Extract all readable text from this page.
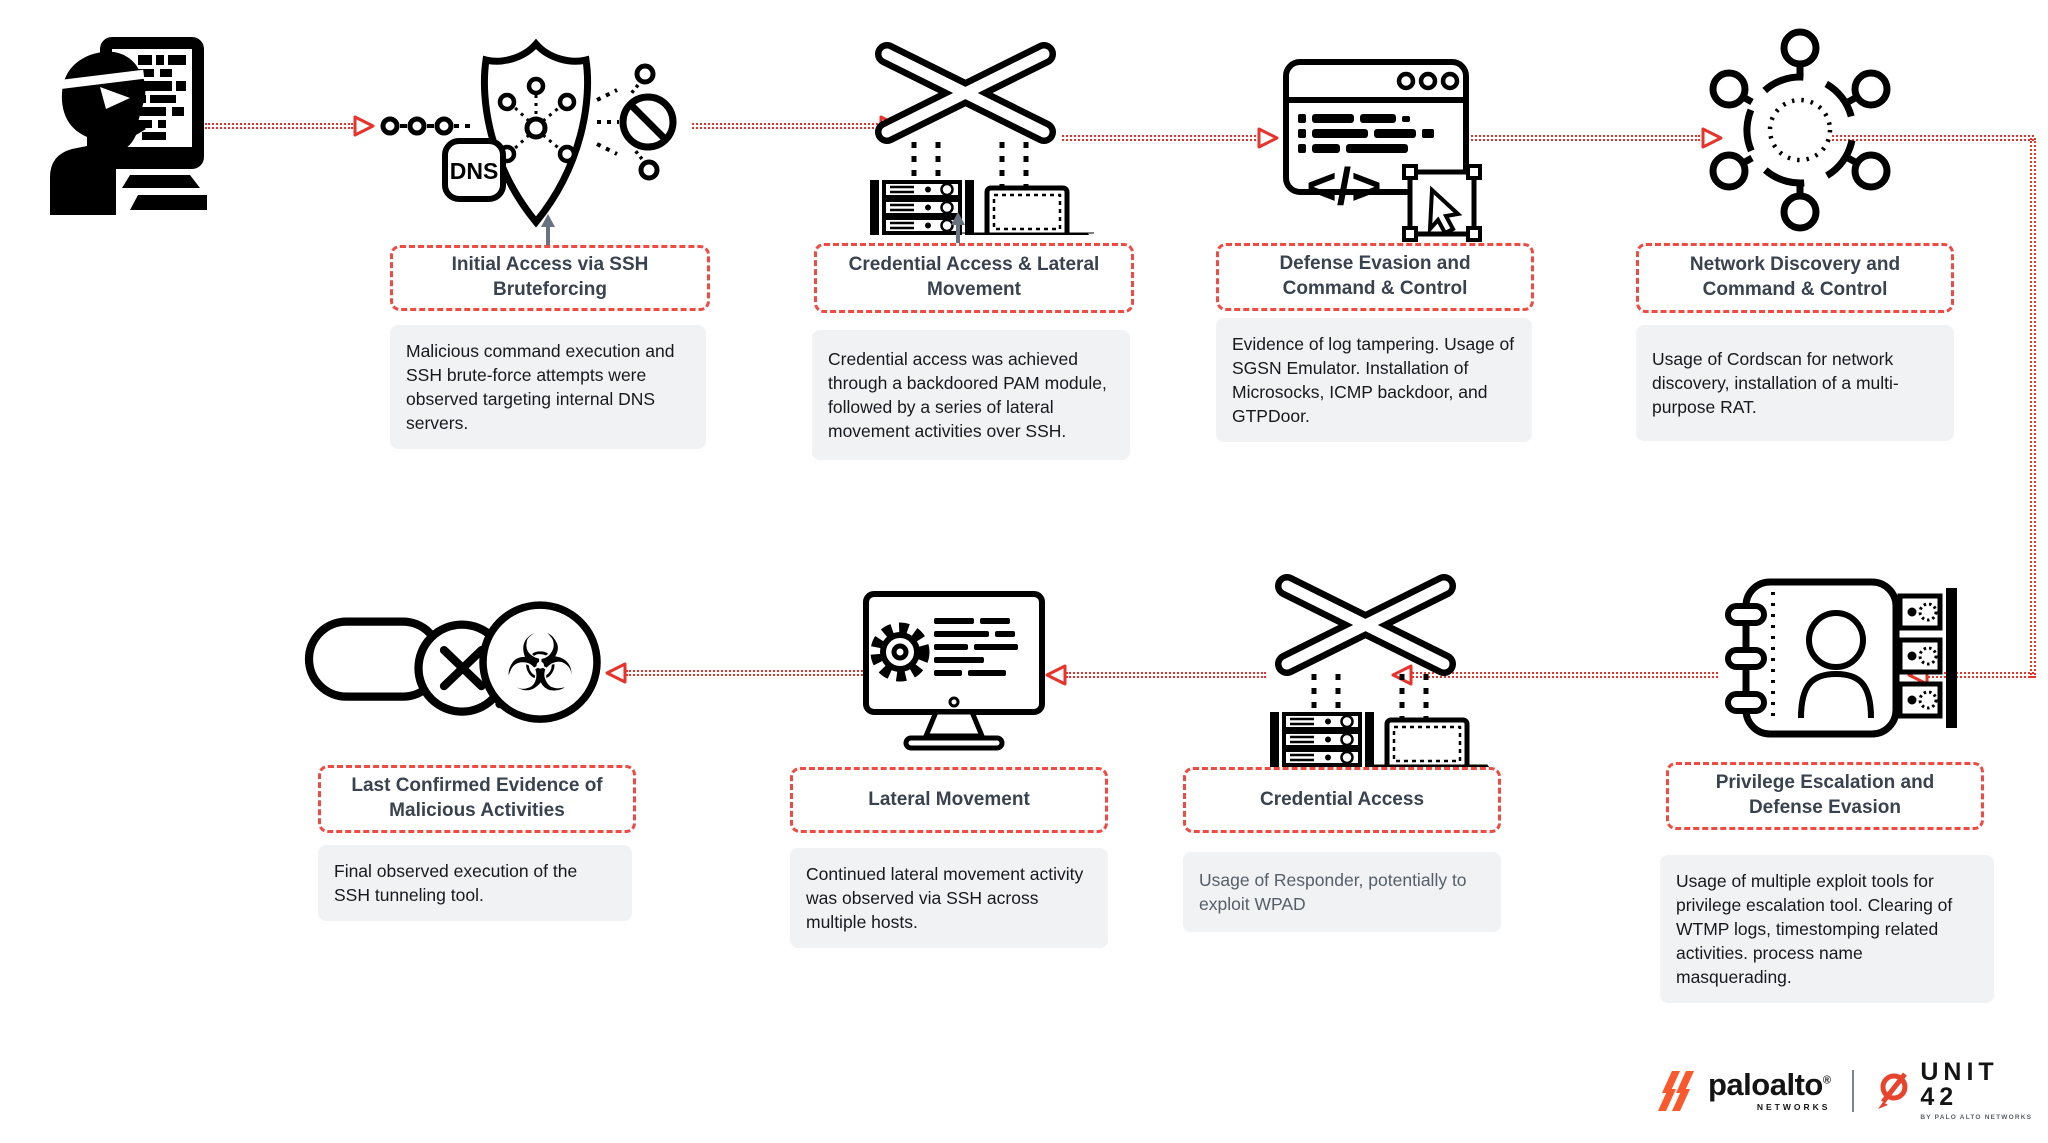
DNS	</>
☣
Initial Access via SSH Bruteforcing
Malicious command execution and SSH brute-force attempts were observed targeting internal DNS servers.
Credential Access & Lateral Movement
Credential access was achieved through a backdoored PAM module, followed by a series of lateral movement activities over SSH.
Defense Evasion and Command & Control
Evidence of log tampering. Usage of SGSN Emulator. Installation of Microsocks, ICMP backdoor, and GTPDoor.
Network Discovery and Command & Control
Usage of Cordscan for network discovery, installation of a multi-purpose RAT.
Privilege Escalation and Defense Evasion
Usage of multiple exploit tools for privilege escalation tool. Clearing of WTMP logs, timestomping related activities. process name masquerading.
Credential Access
Usage of Responder, potentially to exploit WPAD
Lateral Movement
Continued lateral movement activity was observed via SSH across multiple hosts.
Last Confirmed Evidence of Malicious Activities
Final observed execution of the SSH tunneling tool.
paloalto®
NETWORKS
UNIT 42
BY PALO ALTO NETWORKS
